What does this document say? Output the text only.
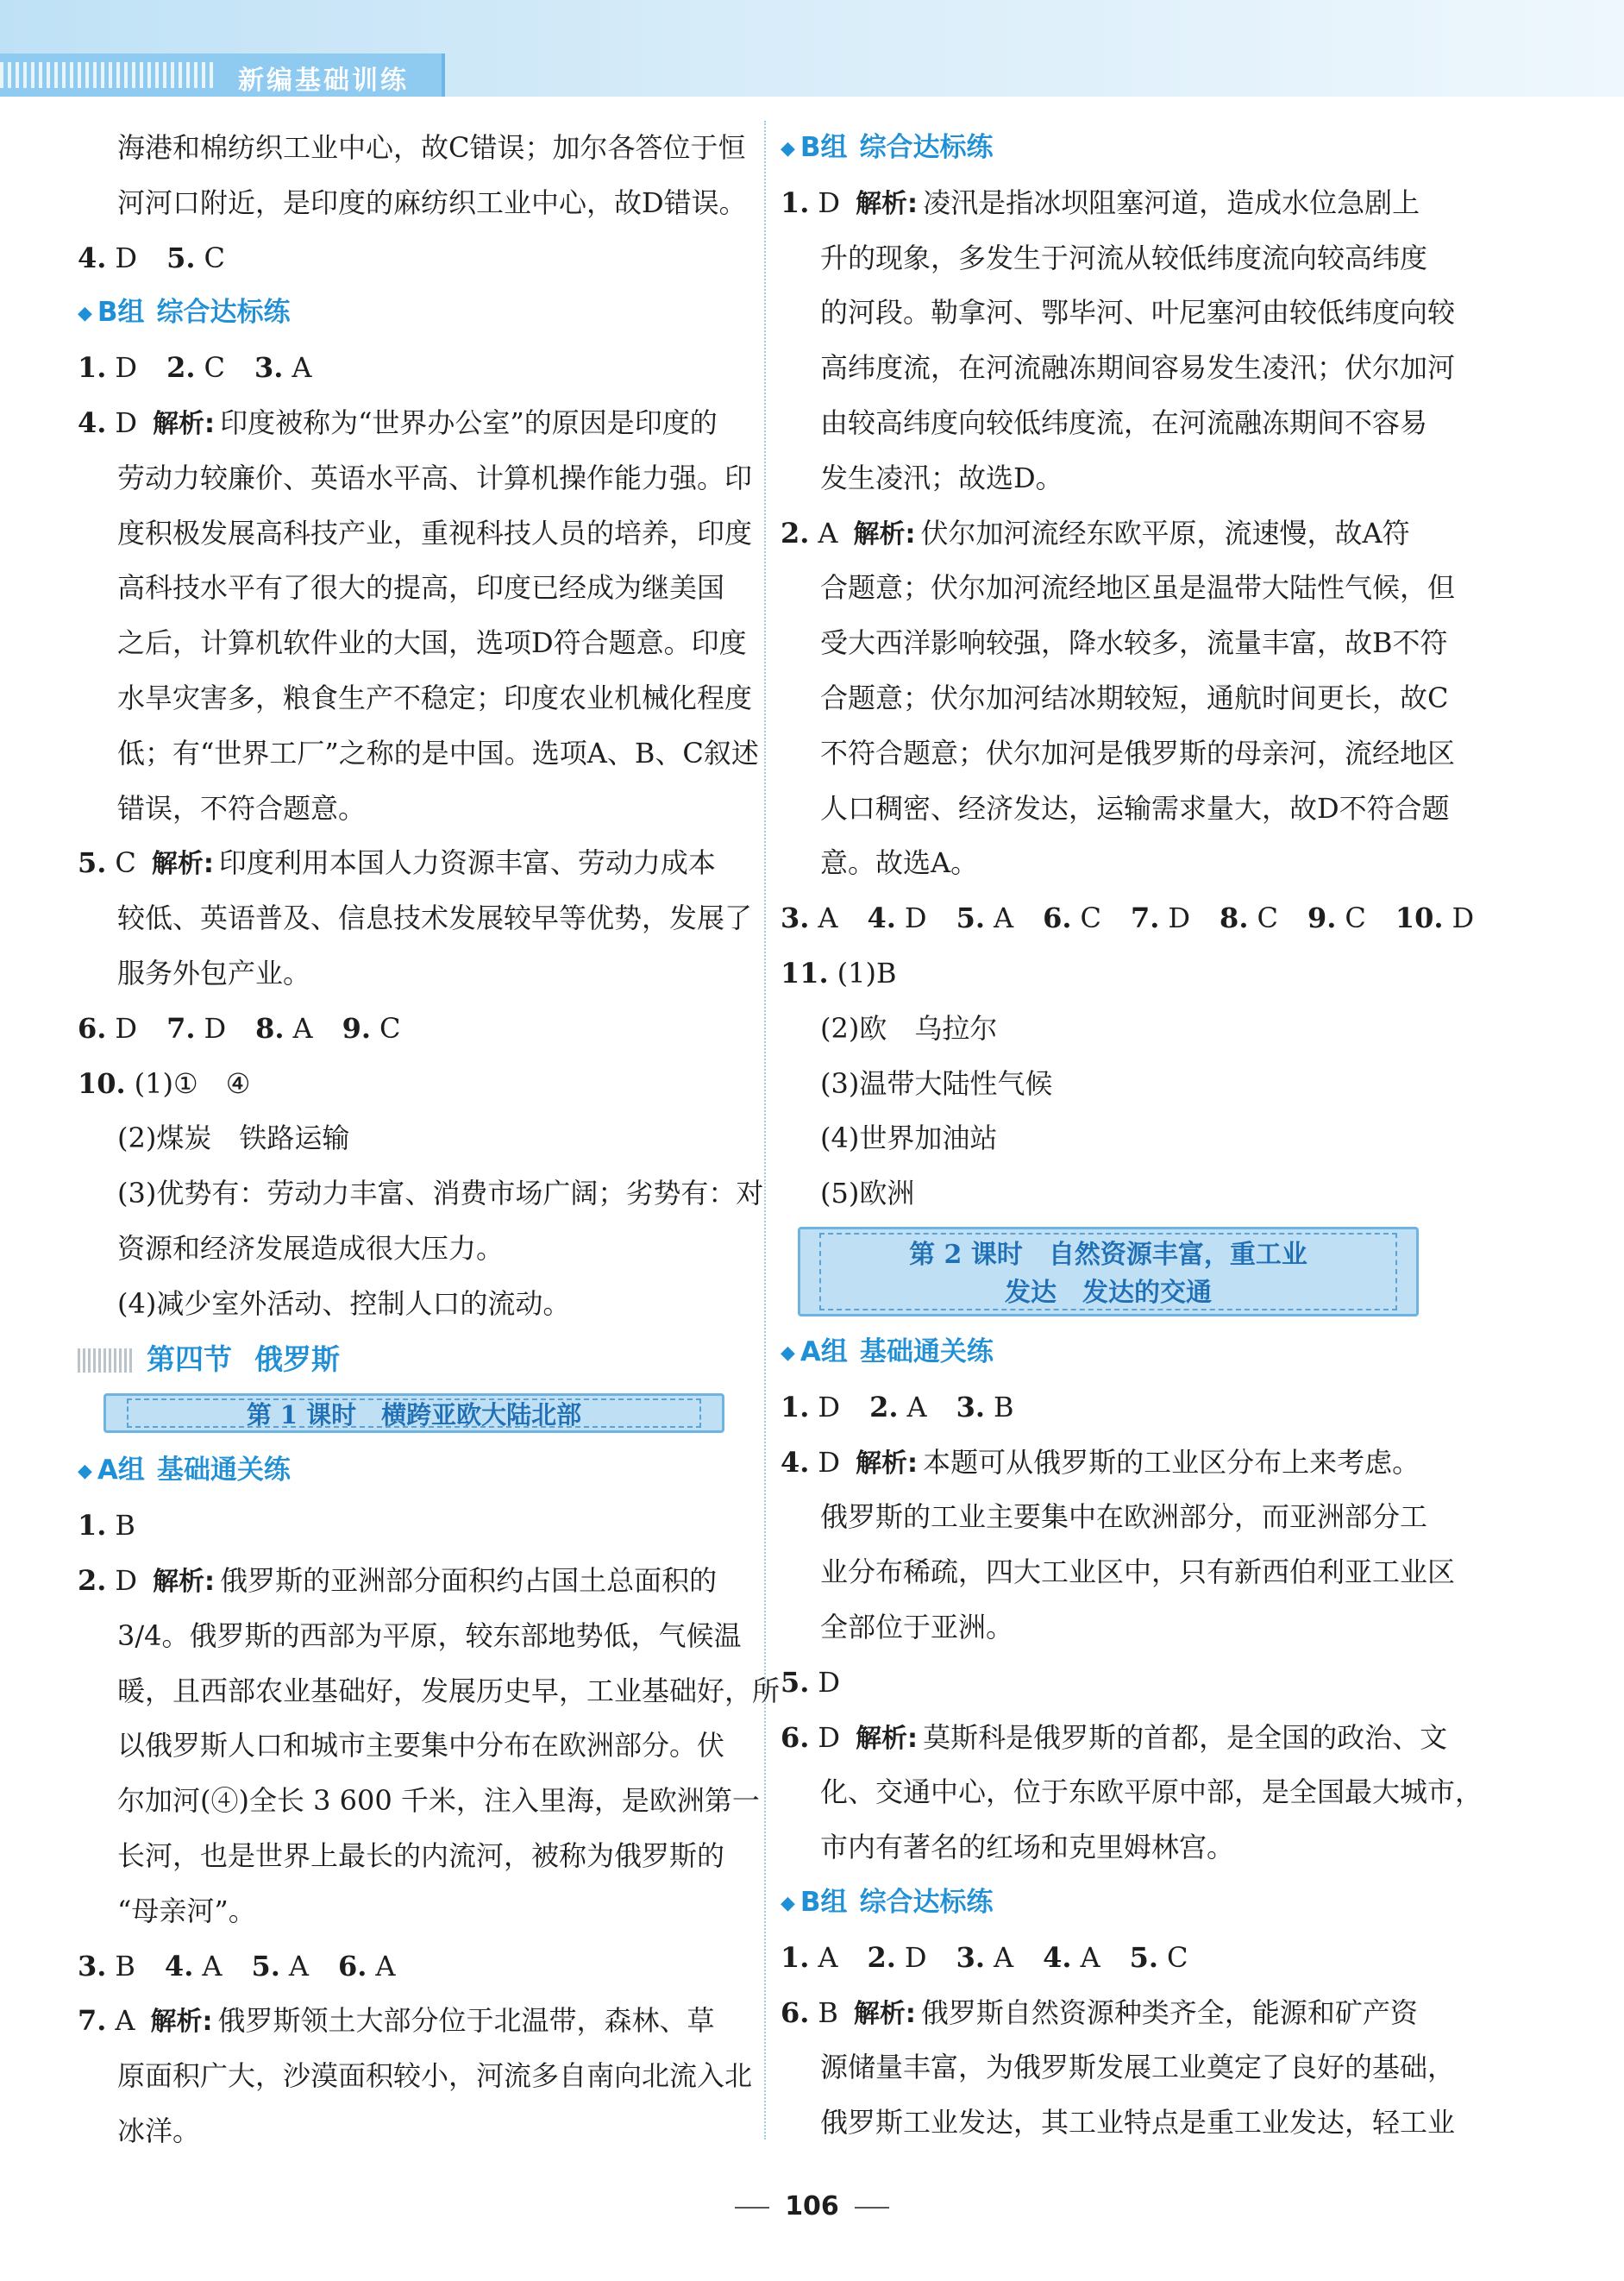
新编基础训练
海港和棉纺织工业中心，故C错误；加尔各答位于恒
河河口附近，是印度的麻纺织工业中心，故D错误。
4. D 5. C
◆ B组 综合达标练
1. D 2. C 3. A
4. D 解析: 印度被称为“世界办公室”的原因是印度的
劳动力较廉价、英语水平高、计算机操作能力强。印
度积极发展高科技产业，重视科技人员的培养，印度
高科技水平有了很大的提高，印度已经成为继美国
之后，计算机软件业的大国，选项D符合题意。印度
水旱灾害多，粮食生产不稳定；印度农业机械化程度
低；有“世界工厂”之称的是中国。选项A、B、C叙述
错误，不符合题意。
5. C 解析: 印度利用本国人力资源丰富、劳动力成本
较低、英语普及、信息技术发展较早等优势，发展了
服务外包产业。
6. D 7. D 8. A 9. C
10. (1)①　④
(2)煤炭　铁路运输
(3)优势有：劳动力丰富、消费市场广阔；劣势有：对
资源和经济发展造成很大压力。
(4)减少室外活动、控制人口的流动。
第四节 俄罗斯
第 1 课时　横跨亚欧大陆北部
◆ A组 基础通关练
1. B
2. D 解析: 俄罗斯的亚洲部分面积约占国土总面积的
3/4。俄罗斯的西部为平原，较东部地势低，气候温
暖，且西部农业基础好，发展历史早，工业基础好，所
以俄罗斯人口和城市主要集中分布在欧洲部分。伏
尔加河(④)全长 3 600 千米，注入里海，是欧洲第一
长河，也是世界上最长的内流河，被称为俄罗斯的
“母亲河”。
3. B 4. A 5. A 6. A
7. A 解析: 俄罗斯领土大部分位于北温带，森林、草
原面积广大，沙漠面积较小，河流多自南向北流入北
冰洋。
◆ B组 综合达标练
1. D 解析: 凌汛是指冰坝阻塞河道，造成水位急剧上
升的现象，多发生于河流从较低纬度流向较高纬度
的河段。勒拿河、鄂毕河、叶尼塞河由较低纬度向较
高纬度流，在河流融冻期间容易发生凌汛；伏尔加河
由较高纬度向较低纬度流，在河流融冻期间不容易
发生凌汛；故选D。
2. A 解析: 伏尔加河流经东欧平原，流速慢，故A符
合题意；伏尔加河流经地区虽是温带大陆性气候，但
受大西洋影响较强，降水较多，流量丰富，故B不符
合题意；伏尔加河结冰期较短，通航时间更长，故C
不符合题意；伏尔加河是俄罗斯的母亲河，流经地区
人口稠密、经济发达，运输需求量大，故D不符合题
意。故选A。
3. A 4. D 5. A 6. C 7. D 8. C 9. C 10. D
11. (1)B
(2)欧　乌拉尔
(3)温带大陆性气候
(4)世界加油站
(5)欧洲
第 2 课时　自然资源丰富，重工业
发达　发达的交通
◆ A组 基础通关练
1. D 2. A 3. B
4. D 解析: 本题可从俄罗斯的工业区分布上来考虑。
俄罗斯的工业主要集中在欧洲部分，而亚洲部分工
业分布稀疏，四大工业区中，只有新西伯利亚工业区
全部位于亚洲。
5. D
6. D 解析: 莫斯科是俄罗斯的首都，是全国的政治、文
化、交通中心，位于东欧平原中部，是全国最大城市，
市内有著名的红场和克里姆林宫。
◆ B组 综合达标练
1. A 2. D 3. A 4. A 5. C
6. B 解析: 俄罗斯自然资源种类齐全，能源和矿产资
源储量丰富，为俄罗斯发展工业奠定了良好的基础，
俄罗斯工业发达，其工业特点是重工业发达，轻工业
106
